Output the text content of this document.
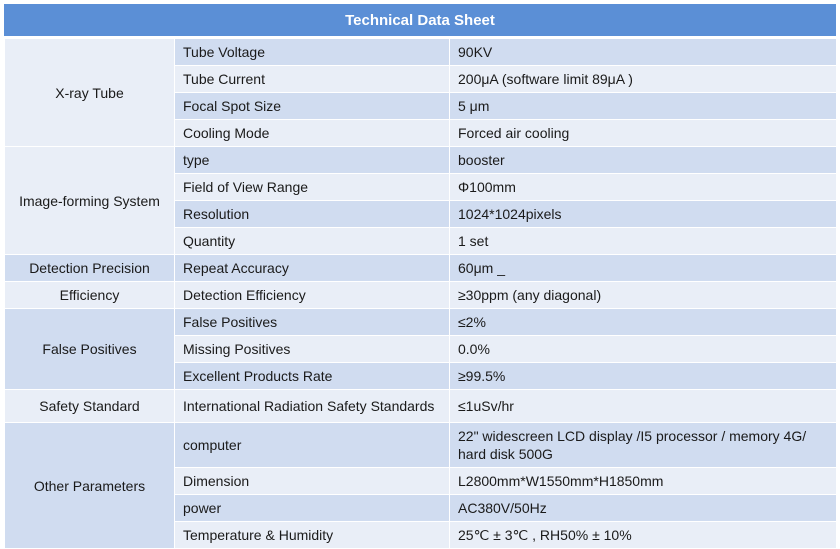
Technical Data Sheet
X-ray Tube	Tube Voltage	90KV
	Tube Current	200μA (software limit 89μA )
	Focal Spot Size	5 μm
	Cooling Mode	Forced air cooling
Image-forming System	type	booster
	Field of View Range	Φ100mm
	Resolution	1024*1024pixels
	Quantity	1 set
Detection Precision	Repeat Accuracy	60μm _
Efficiency	Detection Efficiency	≥30ppm (any diagonal)
False Positives	False Positives	≤2%
	Missing Positives	0.0%
	Excellent Products Rate	≥99.5%
Safety Standard	International Radiation Safety Standards	≤1uSv/hr
Other Parameters	computer	22" widescreen LCD display /I5 processor / memory 4G/ hard disk 500G
	Dimension	L2800mm*W1550mm*H1850mm
	power	AC380V/50Hz
	Temperature & Humidity	25℃ ± 3℃ , RH50% ± 10%
